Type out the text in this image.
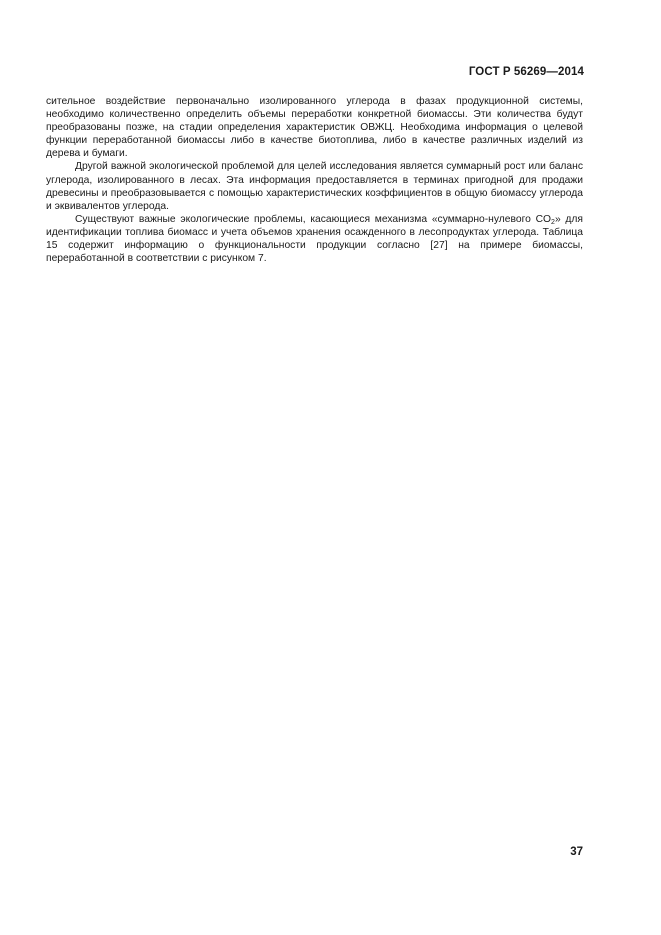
ГОСТ Р 56269—2014

сительное воздействие первоначально изолированного углерода в фазах продукционной системы, необходимо количественно определить объемы переработки конкретной биомассы. Эти количества будут преобразованы позже, на стадии определения характеристик ОВЖЦ. Необходима информация о целевой функции переработанной биомассы либо в качестве биотоплива, либо в качестве различных изделий из дерева и бумаги.

Другой важной экологической проблемой для целей исследования является суммарный рост или баланс углерода, изолированного в лесах. Эта информация предоставляется в терминах пригодной для продажи древесины и преобразовывается с помощью характеристических коэффициентов в общую биомассу углерода и эквивалентов углерода.

Существуют важные экологические проблемы, касающиеся механизма «суммарно-нулевого $CO_2$» для идентификации топлива биомасс и учета объемов хранения осажденного в лесопродуктах углерода. Таблица 15 содержит информацию о функциональности продукции согласно [27] на примере биомассы, переработанной в соответствии с рисунком 7.

37
